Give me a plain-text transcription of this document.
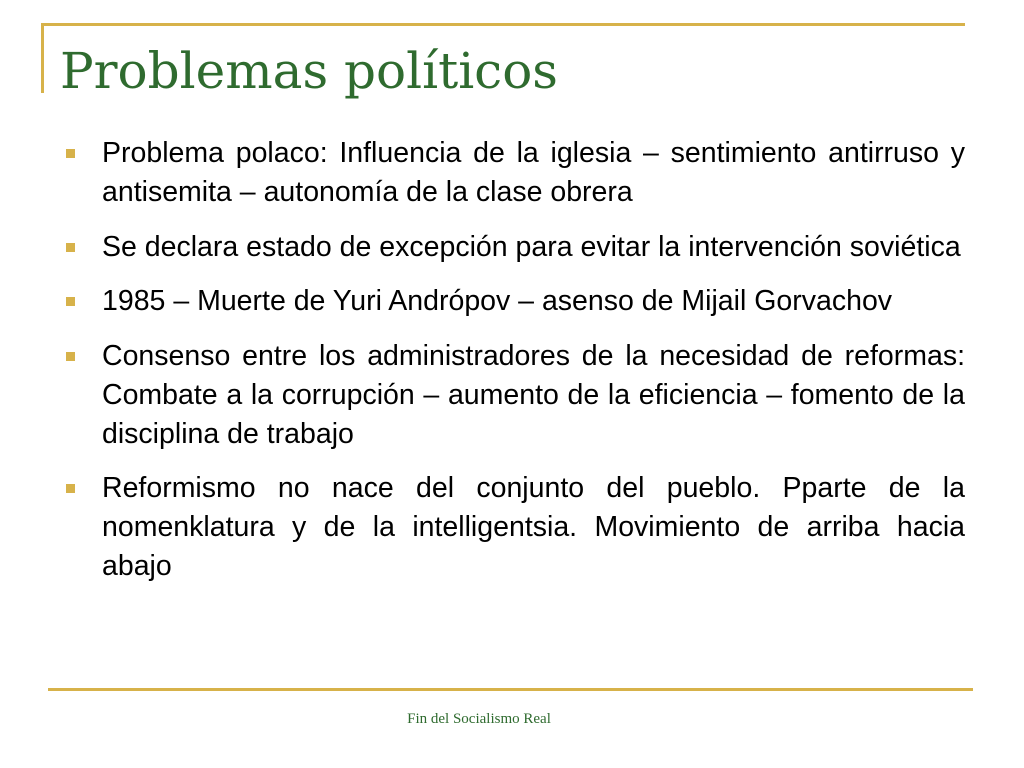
Problemas políticos
Problema polaco: Influencia de la iglesia – sentimiento antirruso y antisemita – autonomía de la clase obrera
Se declara estado de excepción para evitar la intervención soviética
1985 – Muerte de Yuri Andrópov – asenso de Mijail Gorvachov
Consenso entre los administradores de la necesidad de reformas: Combate a la corrupción – aumento de la eficiencia – fomento de la disciplina de trabajo
Reformismo no nace del conjunto del pueblo. Pparte de la nomenklatura y de la intelligentsia. Movimiento de arriba hacia abajo
Fin del Socialismo Real
